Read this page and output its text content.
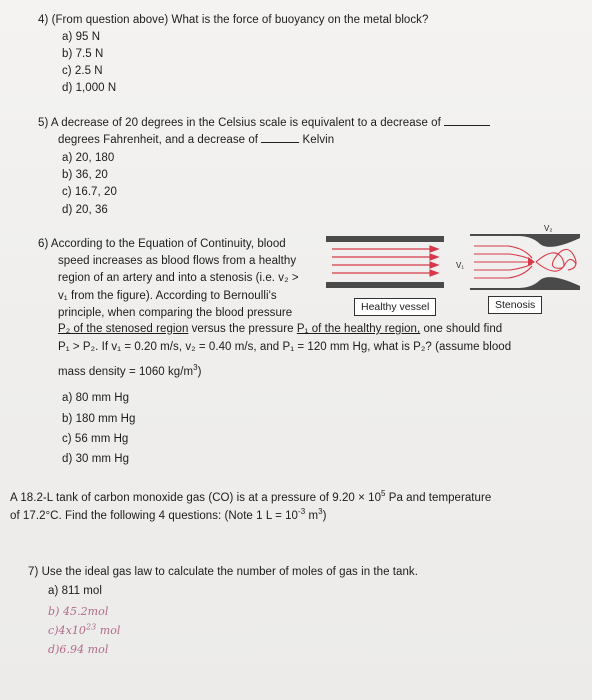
4) (From question above) What is the force of buoyancy on the metal block?
a) 95 N
b) 7.5 N
c) 2.5 N
d) 1,000 N
5) A decrease of 20 degrees in the Celsius scale is equivalent to a decrease of
degrees Fahrenheit, and a decrease of	Kelvin
a) 20, 180
b) 36, 20
c) 16.7, 20
d) 20, 36
6) According to the Equation of Continuity, blood
speed increases as blood flows from a healthy
region of an artery and into a stenosis (i.e. v₂ >
v₁ from the figure). According to Bernoulli's
principle, when comparing the blood pressure
P₂ of the stenosed region versus the pressure P₁ of the healthy region, one should find
P₁ > P₂. If v₁ = 0.20 m/s, v₂ = 0.40 m/s, and P₁ = 120 mm Hg, what is P₂? (assume blood
mass density = 1060 $kg/m^3$)
a) 80 mm Hg
b) 180 mm Hg
c) 56 mm Hg
d) 30 mm Hg
V₁
V₂
Healthy vessel	Stenosis
A 18.2-L tank of carbon monoxide gas (CO) is at a pressure of $9.20 \times 10^5$ Pa and temperature
of 17.2°C. Find the following 4 questions: (Note 1 $L = 10^{-3}$ $m^3$)
7) Use the ideal gas law to calculate the number of moles of gas in the tank.
a) 811 mol
b) 45.2mol
$c)4x10^{23}$ mol
d)6.94 mol
